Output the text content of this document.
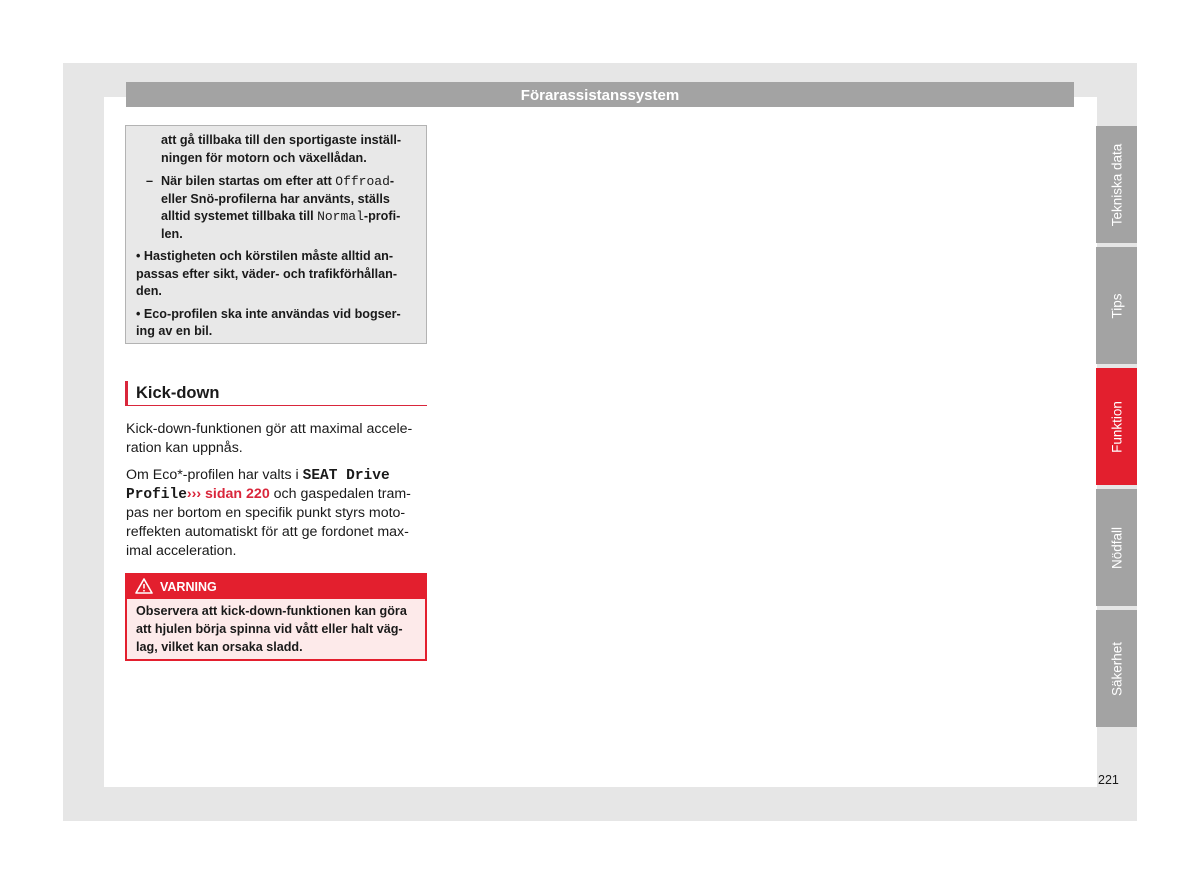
Förarassistanssystem

att gå tillbaka till den sportigaste inställ-

ningen för motorn och växellådan.

– När bilen startas om efter att Offroad-

eller Snö-profilerna har använts, ställs

alltid systemet tillbaka till Normal-profi-

len.

• Hastigheten och körstilen måste alltid an-

passas efter sikt, väder- och trafikförhållan-

den.

• Eco-profilen ska inte användas vid bogser-

ing av en bil.

Kick-down

Kick-down-funktionen gör att maximal accele-

ration kan uppnås.

Om Eco*-profilen har valts i SEAT Drive

Profile››› sidan 220 och gaspedalen tram-

pas ner bortom en specifik punkt styrs moto-

reffekten automatiskt för att ge fordonet max-

imal acceleration.

VARNING
Observera att kick-down-funktionen kan göra
att hjulen börja spinna vid vått eller halt väg-
lag, vilket kan orsaka sladd.
Tekniska data
Tips
Funktion
Nödfall
Säkerhet
221
